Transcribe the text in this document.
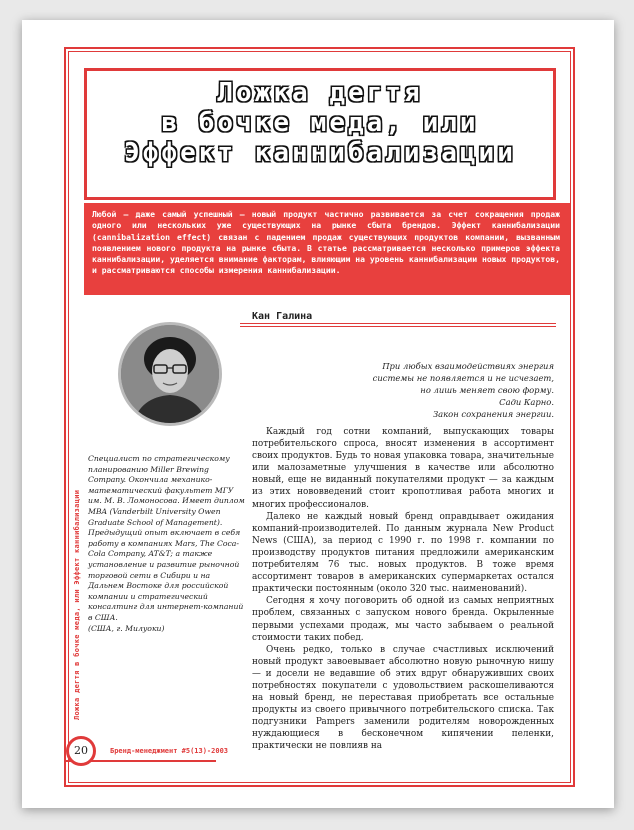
Ложка дегтя
в бочке меда, или
Эффект каннибализации
Любой — даже самый успешный — новый продукт частично развивается за счет сокращения продаж одного или нескольких уже существующих на рынке сбыта брендов. Эффект каннибализации (cannibalization effect) связан с падением продаж существующих продуктов компании, вызванным появлением нового продукта на рынке сбыта. В статье рассматривается несколько примеров эффекта каннибализации, уделяется внимание факторам, влияющим на уровень каннибализации новых продуктов, и рассматриваются способы измерения каннибализации.
Кан Галина
При любых взаимодействиях энергия
системы не появляется и не исчезает,
но лишь меняет свою форму.
Сади Карно.
Закон сохранения энергии.

Специалист по стратегическому планированию Miller Brewing Company. Окончила механико-математический факультет МГУ им. М. В. Ломоносова. Имеет диплом MBA (Vanderbilt University Owen Graduate School of Management).

Предыдущий опыт включает в себя работу в компаниях Mars, The Coca-Cola Company, AT&T; а также установление и развитие рыночной торговой сети в Сибири и на Дальнем Востоке для российской компании и стратегический консалтинг для интернет-компаний в США.

(США, г. Милуоки)

Каждый год сотни компаний, выпускающих товары потребительского спроса, вносят изменения в ассортимент своих продуктов. Будь то новая упаковка товара, значительные или малозаметные улучшения в качестве или абсолютно новый, еще не виданный покупателями продукт — за каждым из этих нововведений стоит кропотливая работа многих и многих профессионалов.

Далеко не каждый новый бренд оправдывает ожидания компаний-производителей. По данным журнала New Product News (США), за период с 1990 г. по 1998 г. компании по производству продуктов питания предложили американским потребителям 76 тыс. новых продуктов. В тоже время ассортимент товаров в американских супермаркетах остался практически постоянным (около 320 тыс. наименований).

Сегодня я хочу поговорить об одной из самых неприятных проблем, связанных с запуском нового бренда. Окрыленные первыми успехами продаж, мы часто забываем о реальной стоимости таких побед.

Очень редко, только в случае счастливых исключений новый продукт завоевывает абсолютно новую рыночную нишу — и досели не ведавшие об этих вдруг обнаруживших своих потребностях покупатели с удовольствием раскошеливаются на новый бренд, не переставая приобретать все остальные продукты из своего привычного потребительского списка. Так подгузники Pampers заменили родителям новорожденных нуждающиеся в бесконечном кипячении пеленки, практически не повлияв на

Ложка дегтя в бочке меда, или Эффект каннибализации
20	Бренд-менеджмент #5(13)-2003
